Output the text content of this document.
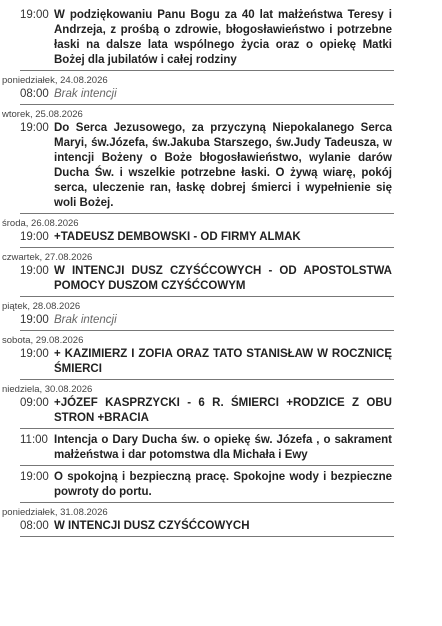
19:00 W podziękowaniu Panu Bogu za 40 lat małżeństwa Teresy i Andrzeja, z prośbą o zdrowie, błogosławieństwo i potrzebne łaski na dalsze lata wspólnego życia oraz o opiekę Matki Bożej dla jubilatów i całej rodziny
poniedziałek, 24.08.2026
08:00 Brak intencji
wtorek, 25.08.2026
19:00 Do Serca Jezusowego, za przyczyną Niepokalanego Serca Maryi, św.Józefa, św.Jakuba Starszego, św.Judy Tadeusza, w intencji Bożeny o Boże błogosławieństwo, wylanie darów Ducha Św. i wszelkie potrzebne łaski. O żywą wiarę, pokój serca, uleczenie ran, łaskę dobrej śmierci i wypełnienie się woli Bożej.
środa, 26.08.2026
19:00 +TADEUSZ DEMBOWSKI - OD FIRMY ALMAK
czwartek, 27.08.2026
19:00 W INTENCJI DUSZ CZYŚĆCOWYCH - OD APOSTOLSTWA POMOCY DUSZOM CZYŚĆCOWYM
piątek, 28.08.2026
19:00 Brak intencji
sobota, 29.08.2026
19:00 + KAZIMIERZ I ZOFIA ORAZ TATO STANISŁAW W ROCZNICĘ ŚMIERCI
niedziela, 30.08.2026
09:00 +JÓZEF KASPRZYCKI - 6 R. ŚMIERCI +RODZICE Z OBU STRON +BRACIA
11:00 Intencja o Dary Ducha św. o opiekę św. Józefa , o sakrament małżeństwa i dar potomstwa dla Michała i Ewy
19:00 O spokojną i bezpieczną pracę. Spokojne wody i bezpieczne powroty do portu.
poniedziałek, 31.08.2026
08:00 W INTENCJI DUSZ CZYŚĆCOWYCH
